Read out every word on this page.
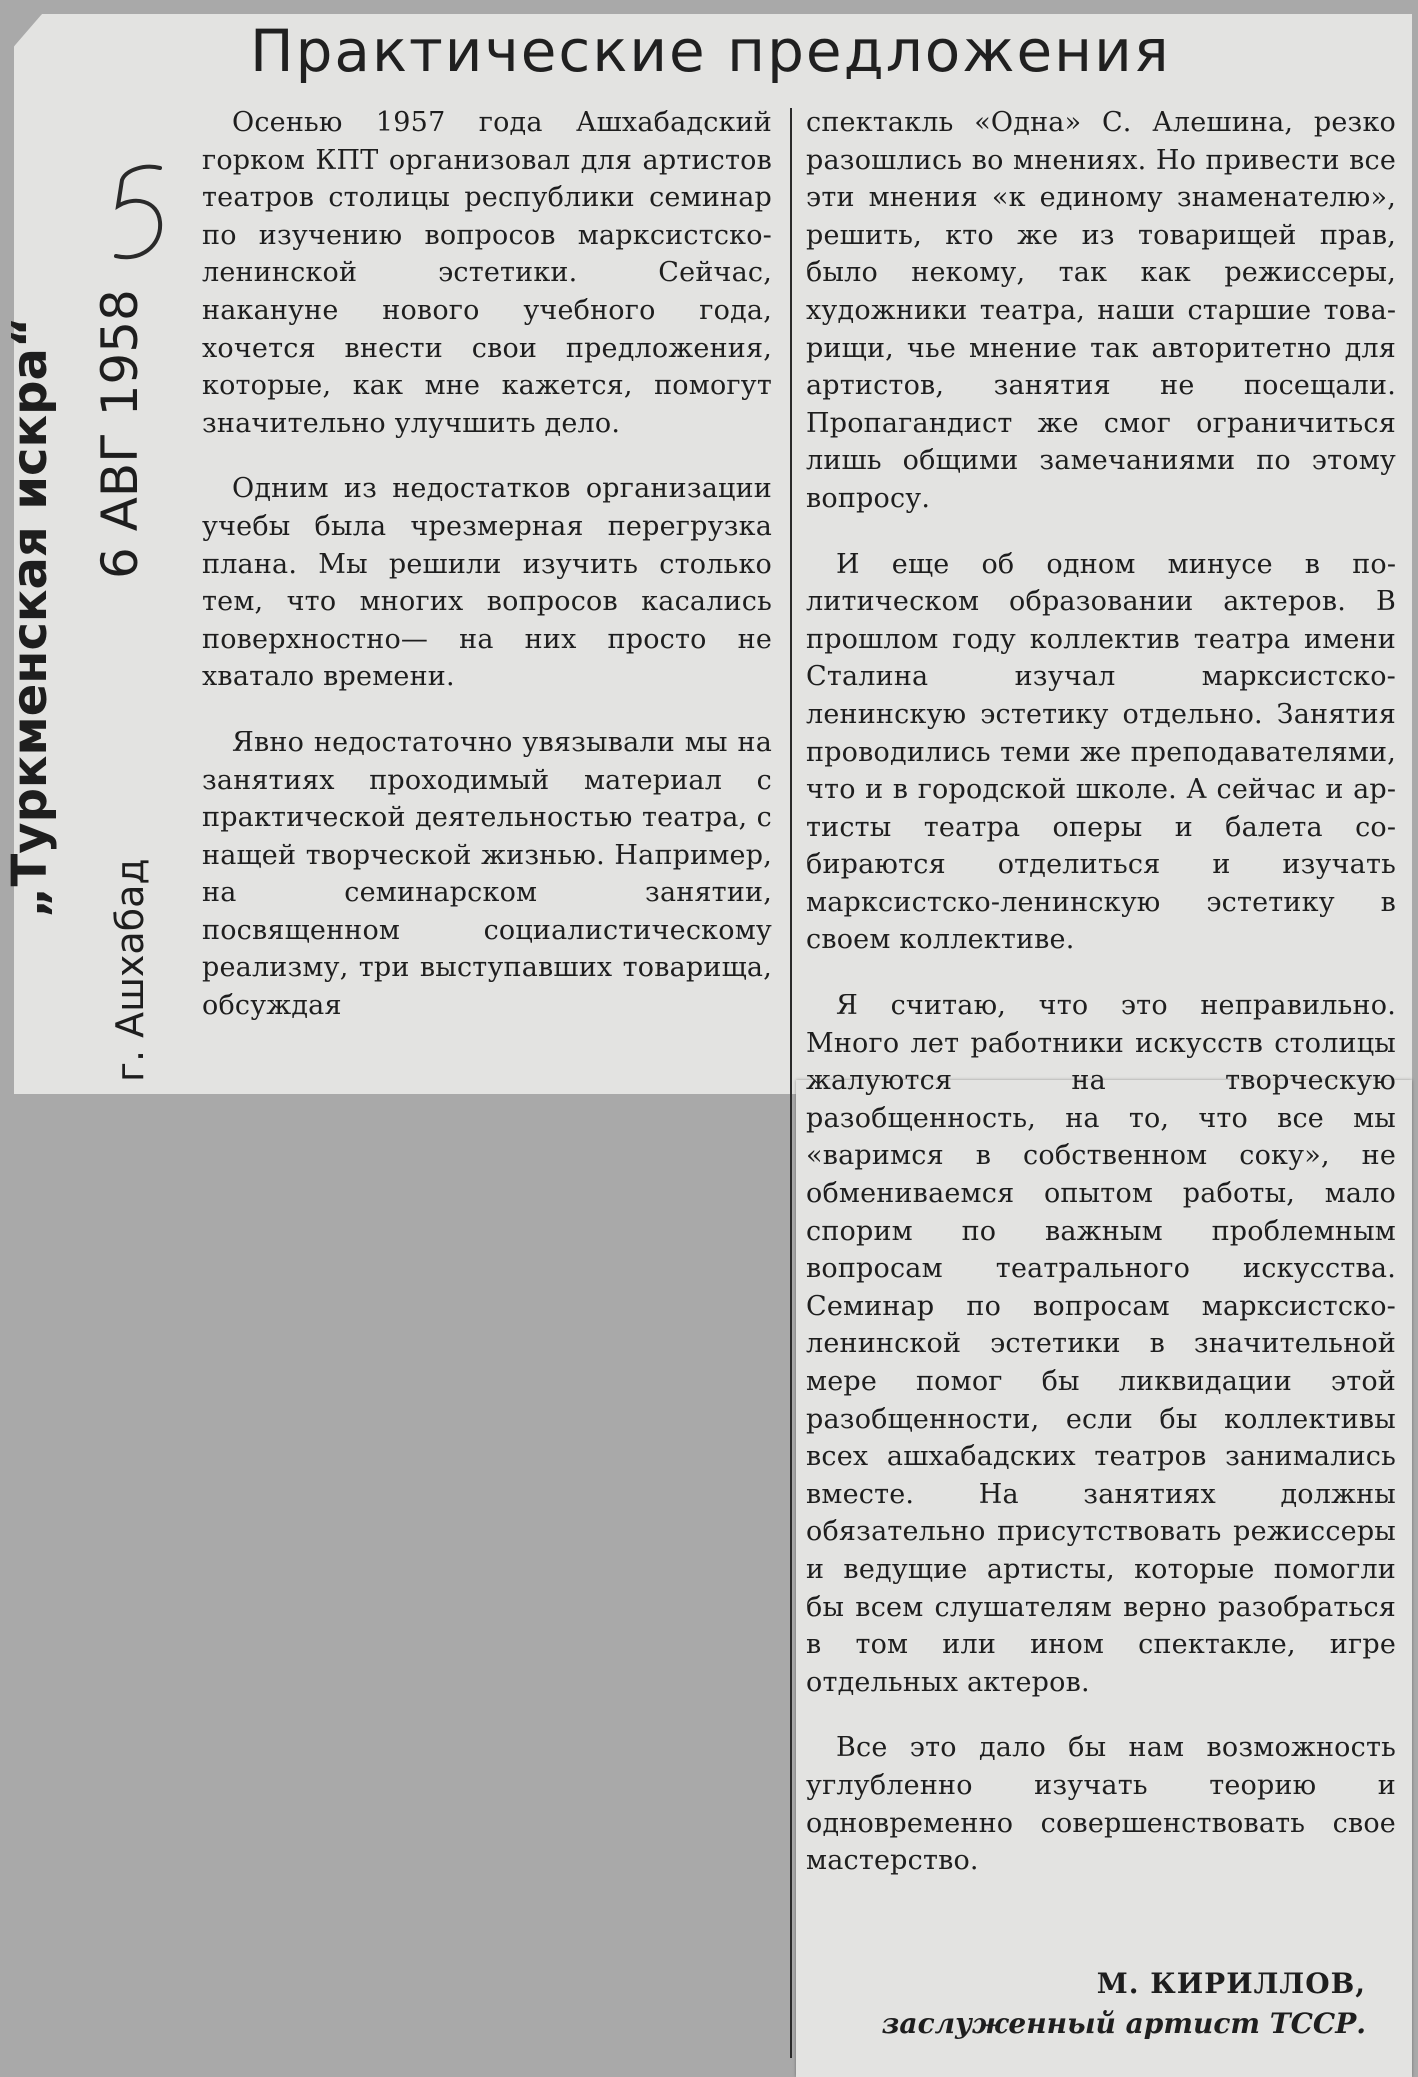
Практические предложения
6 АВГ 1958
„Туркменская искра“
г. Ашхабад

Осенью 1957 года Ашхабадский горком КПТ организовал для артистов театров столицы республики семинар по изучению вопросов марксистско-ленинской эстетики. Сейчас, накануне нового учебного года, хочется внести свои предложения, которые, как мне кажется, помогут значительно улучшить дело.

Одним из недостатков организации учебы была чрезмерная перегрузка плана. Мы решили изучить столько тем, что многих вопросов касались поверхностно— на них просто не хватало времени.

Явно недостаточно увязывали мы на занятиях проходимый материал с практической деятельностью театра, с нащей творческой жизнью. Например, на семинарском занятии, посвященном социалистическому реализму, три выступавших товарища, обсуждая

спектакль «Одна» С. Алешина, резко разошлись во мнениях. Но привести все эти мнения «к единому знаменателю», решить, кто же из товарищей прав, было некому, так как режиссеры, художники театра, наши старшие товарищи, чье мнение так авторитетно для артистов, занятия не посещали. Пропагандист же смог ограничиться лишь общими замечаниями по этому вопросу.

И еще об одном минусе в политическом образовании актеров. В прошлом году коллектив театра имени Сталина изучал марксистско-ленинскую эстетику отдельно. Занятия проводились теми же преподавателями, что и в городской школе. А сейчас и артисты театра оперы и балета собираются отделиться и изучать марксистско-ленинскую эстетику в своем коллективе.

Я считаю, что это неправильно. Много лет работники искусств столицы жалуются на творческую разобщенность, на то, что все мы «варимся в собственном соку», не обмениваемся опытом работы, мало спорим по важным проблемным вопросам театрального искусства. Семинар по вопросам марксистско-ленинской эстетики в значительной мере помог бы ликвидации этой разобщенности, если бы коллективы всех ашхабадских театров занимались вместе. На занятиях должны обязательно присутствовать режиссеры и ведущие артисты, которые помогли бы всем слушателям верно разобраться в том или ином спектакле, игре отдельных актеров.

Все это дало бы нам возможность углубленно изучать теорию и одновременно совершенствовать свое мастерство.

М. КИРИЛЛОВ,
заслуженный артист ТССР.
